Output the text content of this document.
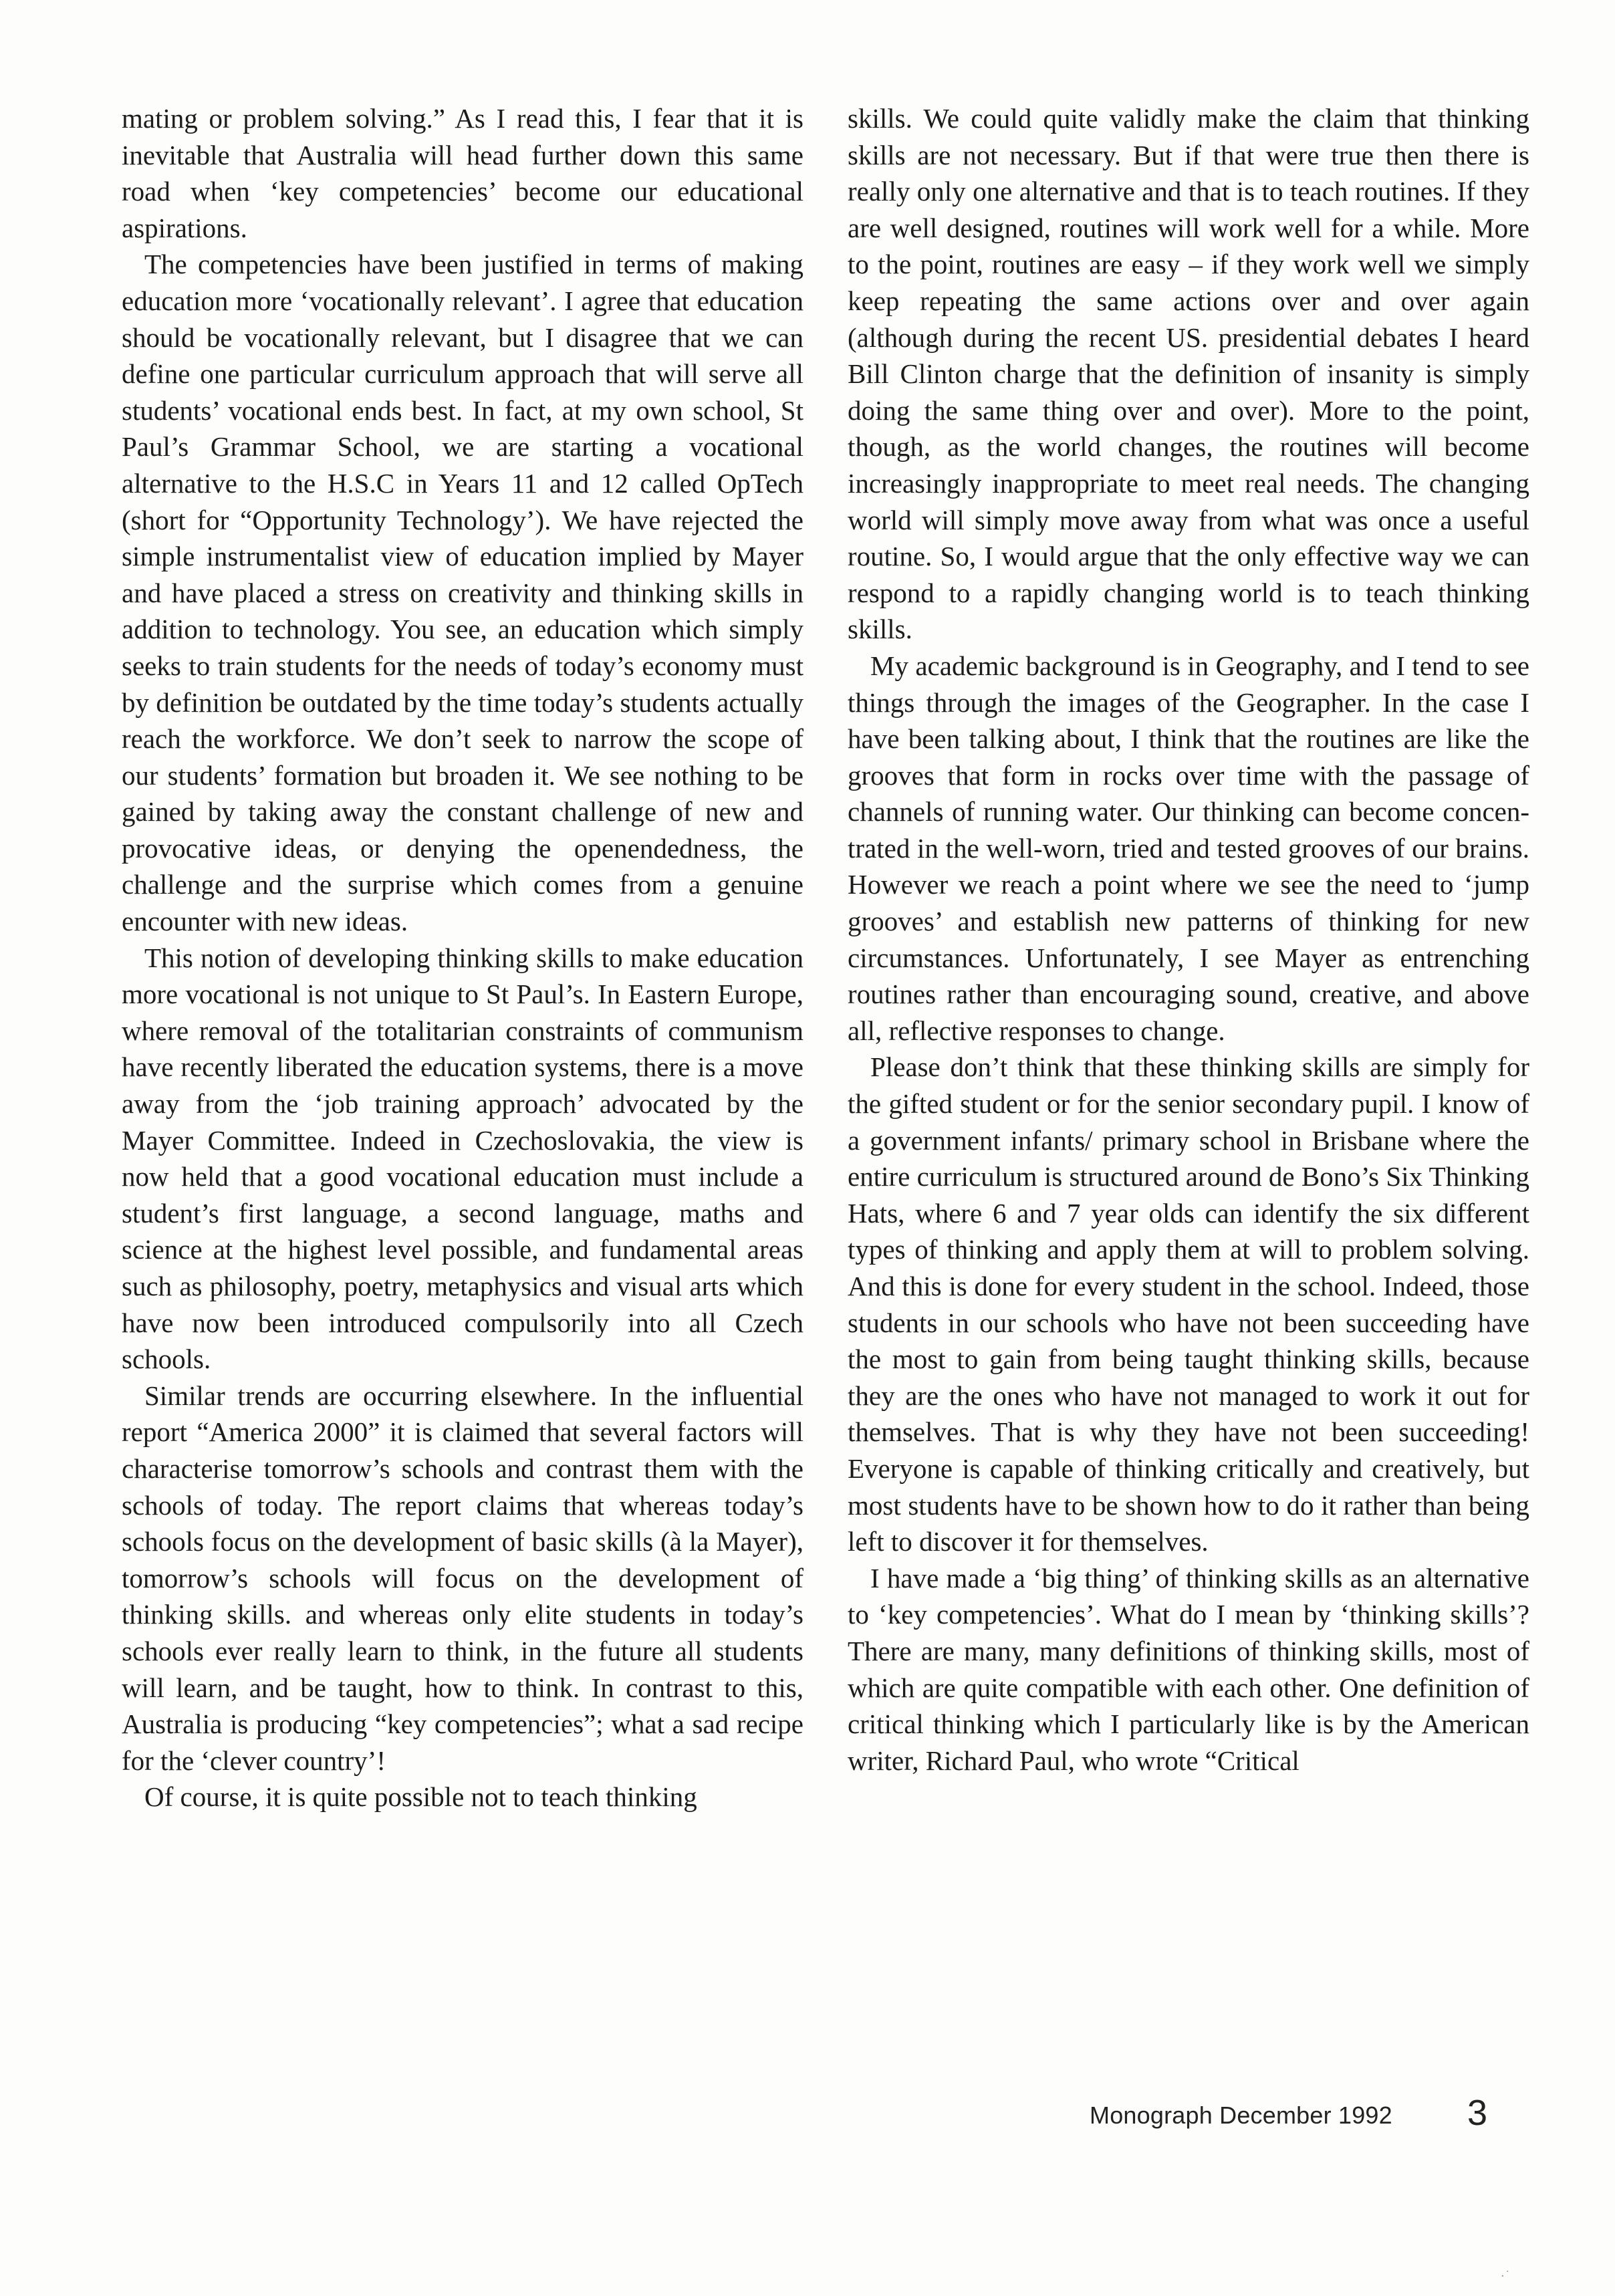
mating or problem solving.” As I read this, I fear that it is inevitable that Australia will head further down this same road when ‘key competencies’ become our educational aspirations.

The competencies have been justified in terms of making education more ‘vocationally relevant’. I agree that education should be vocationally relevant, but I disagree that we can define one particular curriculum approach that will serve all students’ vocational ends best. In fact, at my own school, St Paul’s Grammar School, we are starting a vocational alternative to the H.S.C in Years 11 and 12 called OpTech (short for “Opportunity Technology’). We have rejected the simple instrumentalist view of education implied by Mayer and have placed a stress on creativity and thinking skills in addition to technology. You see, an education which simply seeks to train students for the needs of today’s economy must by definition be outdated by the time today’s students actually reach the workforce. We don’t seek to narrow the scope of our students’ formation but broaden it. We see nothing to be gained by taking away the constant challenge of new and provocative ideas, or denying the openendedness, the challenge and the surprise which comes from a genuine encounter with new ideas.

This notion of developing thinking skills to make education more vocational is not unique to St Paul’s. In Eastern Europe, where removal of the totalitarian constraints of communism have recently liberated the education systems, there is a move away from the ‘job training approach’ advocated by the Mayer Committee. Indeed in Czechoslovakia, the view is now held that a good vocational education must include a student’s first language, a second language, maths and science at the highest level possible, and fundamental areas such as philosophy, poetry, metaphysics and visual arts which have now been introduced compulsorily into all Czech schools.

Similar trends are occurring elsewhere. In the influential report “America 2000” it is claimed that several factors will characterise tomorrow’s schools and contrast them with the schools of today. The report claims that whereas today’s schools focus on the development of basic skills (à la Mayer), tomorrow’s schools will focus on the development of thinking skills. and whereas only elite students in today’s schools ever really learn to think, in the future all students will learn, and be taught, how to think. In contrast to this, Australia is producing “key competencies”; what a sad recipe for the ‘clever country’!

Of course, it is quite possible not to teach thinking

skills. We could quite validly make the claim that thinking skills are not necessary. But if that were true then there is really only one alternative and that is to teach routines. If they are well designed, routines will work well for a while. More to the point, routines are easy – if they work well we simply keep repeating the same actions over and over again (although during the recent US. presidential debates I heard Bill Clinton charge that the definition of insanity is simply doing the same thing over and over). More to the point, though, as the world changes, the routines will become increasingly inappropriate to meet real needs. The changing world will simply move away from what was once a useful routine. So, I would argue that the only effective way we can respond to a rapidly changing world is to teach thinking skills.

My academic background is in Geography, and I tend to see things through the images of the Geographer. In the case I have been talking about, I think that the routines are like the grooves that form in rocks over time with the passage of channels of running water. Our thinking can become concentrated in the well-worn, tried and tested grooves of our brains. However we reach a point where we see the need to ‘jump grooves’ and establish new patterns of thinking for new circumstances. Unfortunately, I see Mayer as entrenching routines rather than encouraging sound, creative, and above all, reflective responses to change.

Please don’t think that these thinking skills are simply for the gifted student or for the senior secondary pupil. I know of a government infants/ primary school in Brisbane where the entire curriculum is structured around de Bono’s Six Thinking Hats, where 6 and 7 year olds can identify the six different types of thinking and apply them at will to problem solving. And this is done for every student in the school. Indeed, those students in our schools who have not been succeeding have the most to gain from being taught thinking skills, because they are the ones who have not managed to work it out for themselves. That is why they have not been succeeding! Everyone is capable of thinking critically and creatively, but most students have to be shown how to do it rather than being left to discover it for themselves.

I have made a ‘big thing’ of thinking skills as an alternative to ‘key competencies’. What do I mean by ‘thinking skills’? There are many, many definitions of thinking skills, most of which are quite compatible with each other. One definition of critical thinking which I particularly like is by the American writer, Richard Paul, who wrote “Critical

Monograph December 1992 3
·˙
